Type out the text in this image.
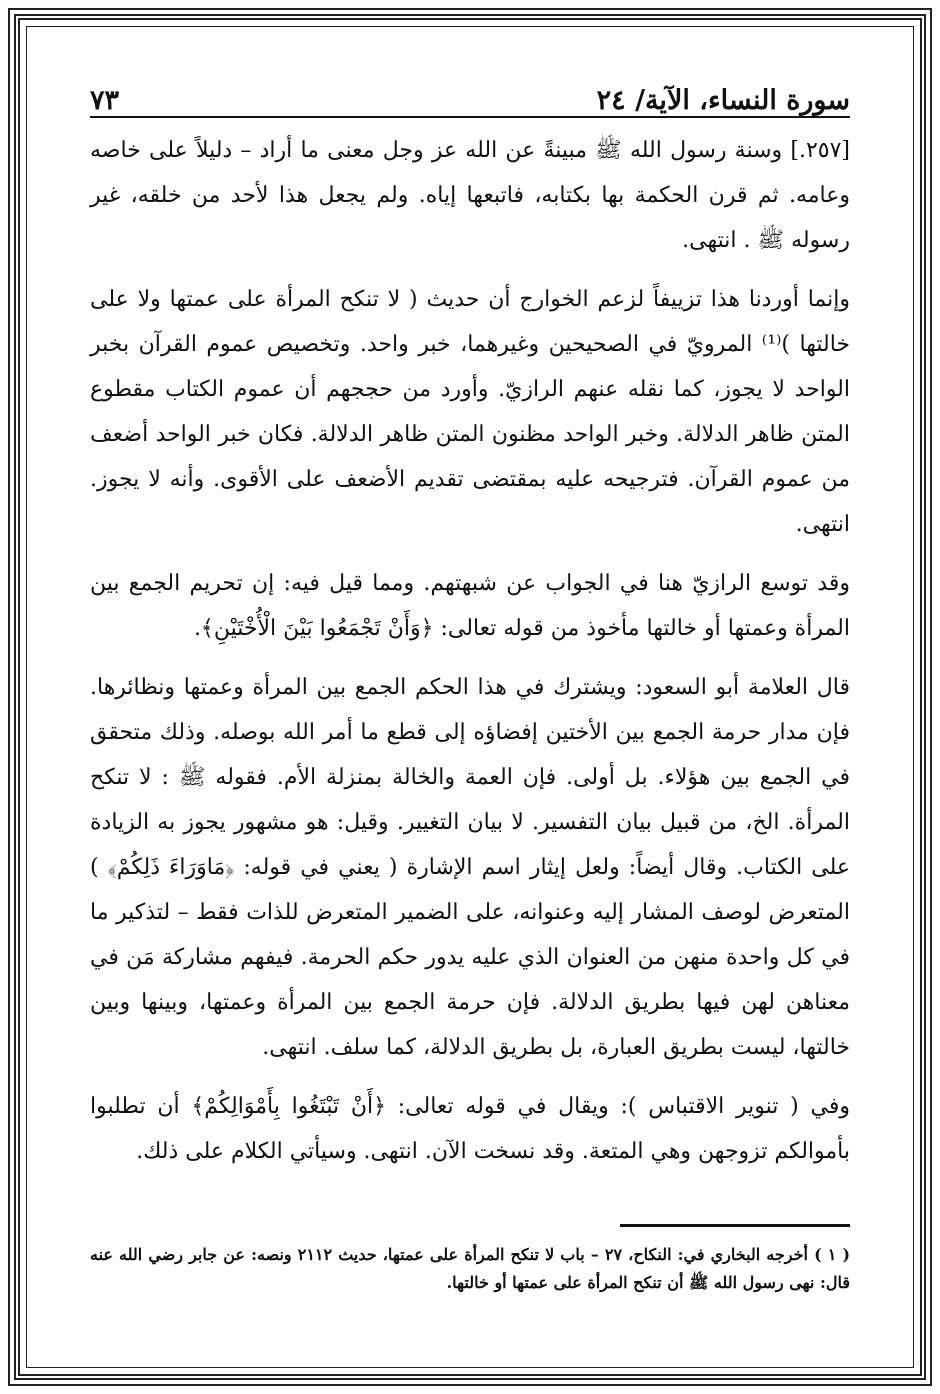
سورة النساء، الآية/ ٢٤
٧٣

[٢٥٧.] وسنة رسول الله ﷺ مبينةً عن الله عز وجل معنى ما أراد – دليلاً على خاصه وعامه. ثم قرن الحكمة بها بكتابه، فاتبعها إياه. ولم يجعل هذا لأحد من خلقه، غير رسوله ﷺ . انتهى.

وإنما أوردنا هذا تزييفاً لزعم الخوارج أن حديث ( لا تنكح المرأة على عمتها ولا على خالتها )⁽¹⁾ المرويّ في الصحيحين وغيرهما، خبر واحد. وتخصيص عموم القرآن بخبر الواحد لا يجوز، كما نقله عنهم الرازيّ. وأورد من حججهم أن عموم الكتاب مقطوع المتن ظاهر الدلالة. وخبر الواحد مظنون المتن ظاهر الدلالة. فكان خبر الواحد أضعف من عموم القرآن. فترجيحه عليه بمقتضى تقديم الأضعف على الأقوى. وأنه لا يجوز. انتهى.

وقد توسع الرازيّ هنا في الجواب عن شبهتهم. ومما قيل فيه: إن تحريم الجمع بين المرأة وعمتها أو خالتها مأخوذ من قوله تعالى: ﴿وَأَنْ تَجْمَعُوا بَيْنَ الْأُخْتَيْنِ﴾.

قال العلامة أبو السعود: ويشترك في هذا الحكم الجمع بين المرأة وعمتها ونظائرها. فإن مدار حرمة الجمع بين الأختين إفضاؤه إلى قطع ما أمر الله بوصله. وذلك متحقق في الجمع بين هؤلاء. بل أولى. فإن العمة والخالة بمنزلة الأم. فقوله ﷺ : لا تنكح المرأة. الخ، من قبيل بيان التفسير. لا بيان التغيير. وقيل: هو مشهور يجوز به الزيادة على الكتاب. وقال أيضاً: ولعل إيثار اسم الإشارة ( يعني في قوله: ﴿مَاوَرَاءَ ذَلِكُمْ﴾ ) المتعرض لوصف المشار إليه وعنوانه، على الضمير المتعرض للذات فقط – لتذكير ما في كل واحدة منهن من العنوان الذي عليه يدور حكم الحرمة. فيفهم مشاركة مَن في معناهن لهن فيها بطريق الدلالة. فإن حرمة الجمع بين المرأة وعمتها، وبينها وبين خالتها، ليست بطريق العبارة، بل بطريق الدلالة، كما سلف. انتهى.

وفي ( تنوير الاقتباس ): ويقال في قوله تعالى: ﴿أَنْ تَبْتَغُوا بِأَمْوَالِكُمْ﴾ أن تطلبوا بأموالكم تزوجهن وهي المتعة. وقد نسخت الآن. انتهى. وسيأتي الكلام على ذلك.

( ١ ) أخرجه البخاري في: النكاح، ٢٧ – باب لا تنكح المرأة على عمتها، حديث ٢١١٢ ونصه: عن جابر رضي الله عنه قال: نهى رسول الله ﷺ أن تنكح المرأة على عمتها أو خالتها.
